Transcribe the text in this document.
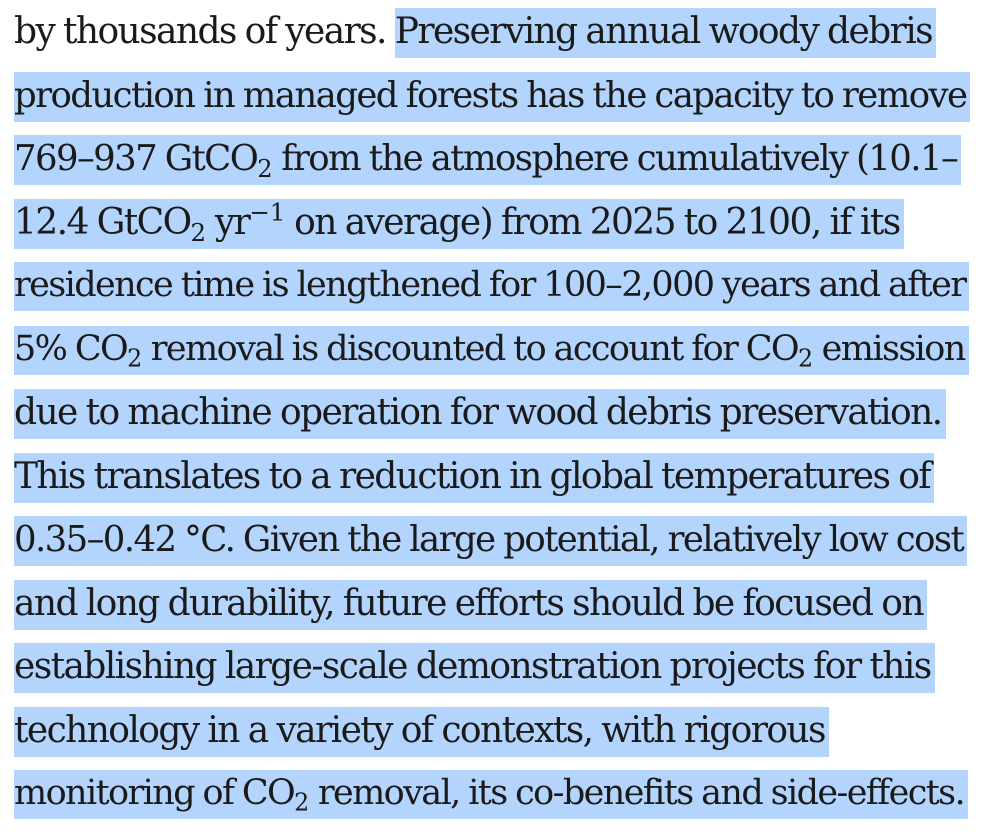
by thousands of years. Preserving annual woody debris
production in managed forests has the capacity to remove
769–937 GtCO$_2$ from the atmosphere cumulatively (10.1–
12.4 GtCO$_2$ $yr^{-1}$ on average) from 2025 to 2100, if its
residence time is lengthened for 100–2,000 years and after
5% $CO_2$ removal is discounted to account for $CO_2$ emission
due to machine operation for wood debris preservation.
This translates to a reduction in global temperatures of
0.35–0.42 °C. Given the large potential, relatively low cost
and long durability, future efforts should be focused on
establishing large-scale demonstration projects for this
technology in a variety of contexts, with rigorous
monitoring of $CO_2$ removal, its co-benefits and side-effects.
